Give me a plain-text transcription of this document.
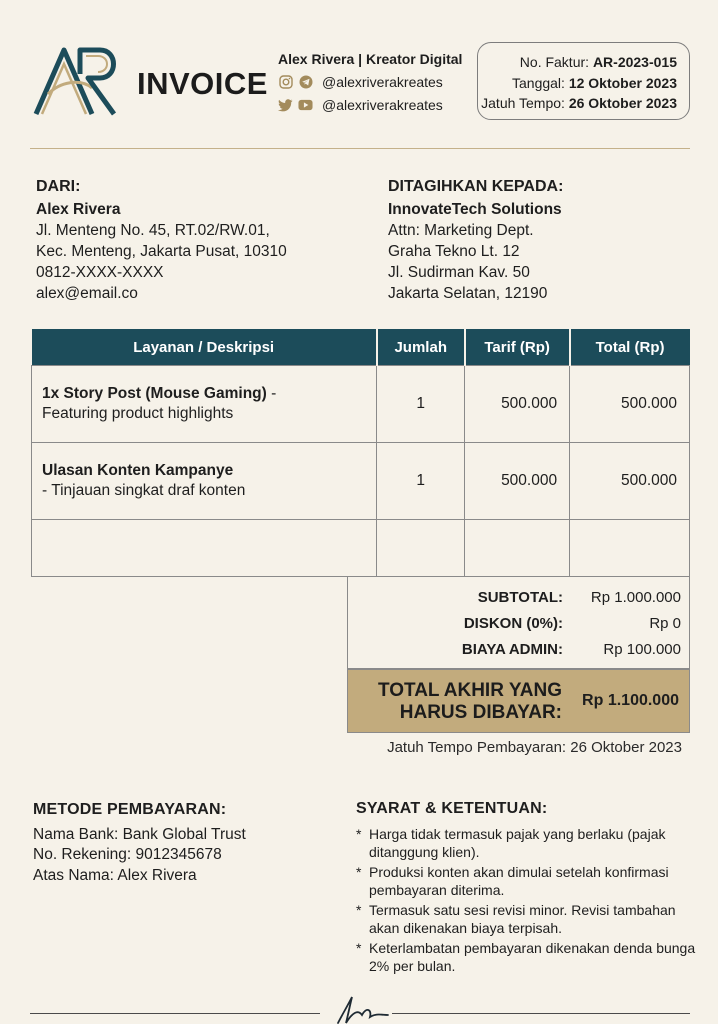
INVOICE
Alex Rivera | Kreator Digital
@alexriverakreates
@alexriverakreates
No. Faktur: AR-2023-015
Tanggal: 12 Oktober 2023
Jatuh Tempo: 26 Oktober 2023
DARI:
Alex Rivera
Jl. Menteng No. 45, RT.02/RW.01,
Kec. Menteng, Jakarta Pusat, 10310
0812-XXXX-XXXX
alex@email.co
DITAGIHKAN KEPADA:
InnovateTech Solutions
Attn: Marketing Dept.
Graha Tekno Lt. 12
Jl. Sudirman Kav. 50
Jakarta Selatan, 12190
Layanan / Deskripsi	Jumlah	Tarif (Rp)	Total (Rp)
1x Story Post (Mouse Gaming) -
Featuring product highlights	1	500.000	500.000
Ulasan Konten Kampanye
- Tinjauan singkat draf konten	1	500.000	500.000

SUBTOTAL: Rp 1.000.000
DISKON (0%):	Rp 0
BIAYA ADMIN:	Rp 100.000
TOTAL AKHIR YANG
HARUS DIBAYAR:
Rp 1.100.000
Jatuh Tempo Pembayaran: 26 Oktober 2023
METODE PEMBAYARAN:
Nama Bank: Bank Global Trust
No. Rekening: 9012345678
Atas Nama: Alex Rivera
SYARAT & KETENTUAN:
* Harga tidak termasuk pajak yang berlaku (pajak ditanggung klien).
* Produksi konten akan dimulai setelah konfirmasi pembayaran diterima.
* Termasuk satu sesi revisi minor. Revisi tambahan akan dikenakan biaya terpisah.
* Keterlambatan pembayaran dikenakan denda bunga 2% per bulan.
